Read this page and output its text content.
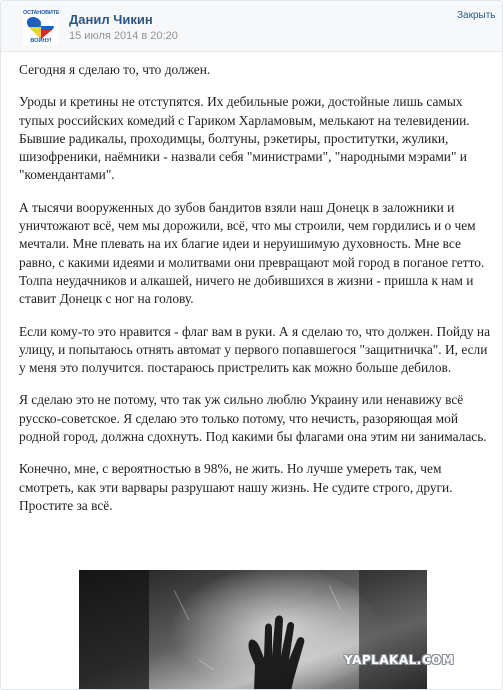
ОСТАНОВИТЕ
ВОЙНУ!
Данил Чикин
15 июля 2014 в 20:20
Закрыть

Сегодня я сделаю то, что должен.

Уроды и кретины не отступятся. Их дебильные рожи, достойные лишь самых тупых российских комедий с Гариком Харламовым, мелькают на телевидении. Бывшие радикалы, проходимцы, болтуны, рэкетиры, проститутки, жулики, шизофреники, наёмники - назвали себя "министрами", "народными мэрами" и "комендантами".

А тысячи вооруженных до зубов бандитов взяли наш Донецк в заложники и уничтожают всё, чем мы дорожили, всё, что мы строили, чем гордились и о чем мечтали. Мне плевать на их благие идеи и неруишимую духовность. Мне все равно, с какими идеями и молитвами они превращают мой город в поганое гетто. Толпа неудачников и алкашей, ничего не добившихся в жизни - пришла к нам и ставит Донецк с ног на голову.

Если кому-то это нравится - флаг вам в руки. А я сделаю то, что должен. Пойду на улицу, и попытаюсь отнять автомат у первого попавшегося "защитничка". И, если у меня это получится. постараюсь пристрелить как можно больше дебилов.

Я сделаю это не потому, что так уж сильно люблю Украину или ненавижу всё русско-советское. Я сделаю это только потому, что нечисть, разоряющая мой родной город, должна сдохнуть. Под какими бы флагами она этим ни занималась.

Конечно, мне, с вероятностью в 98%, не жить. Но лучше умереть так, чем смотреть, как эти варвары разрушают нашу жизнь. Не судите строго, други. Простите за всё.

YAPLAKAL.COM
